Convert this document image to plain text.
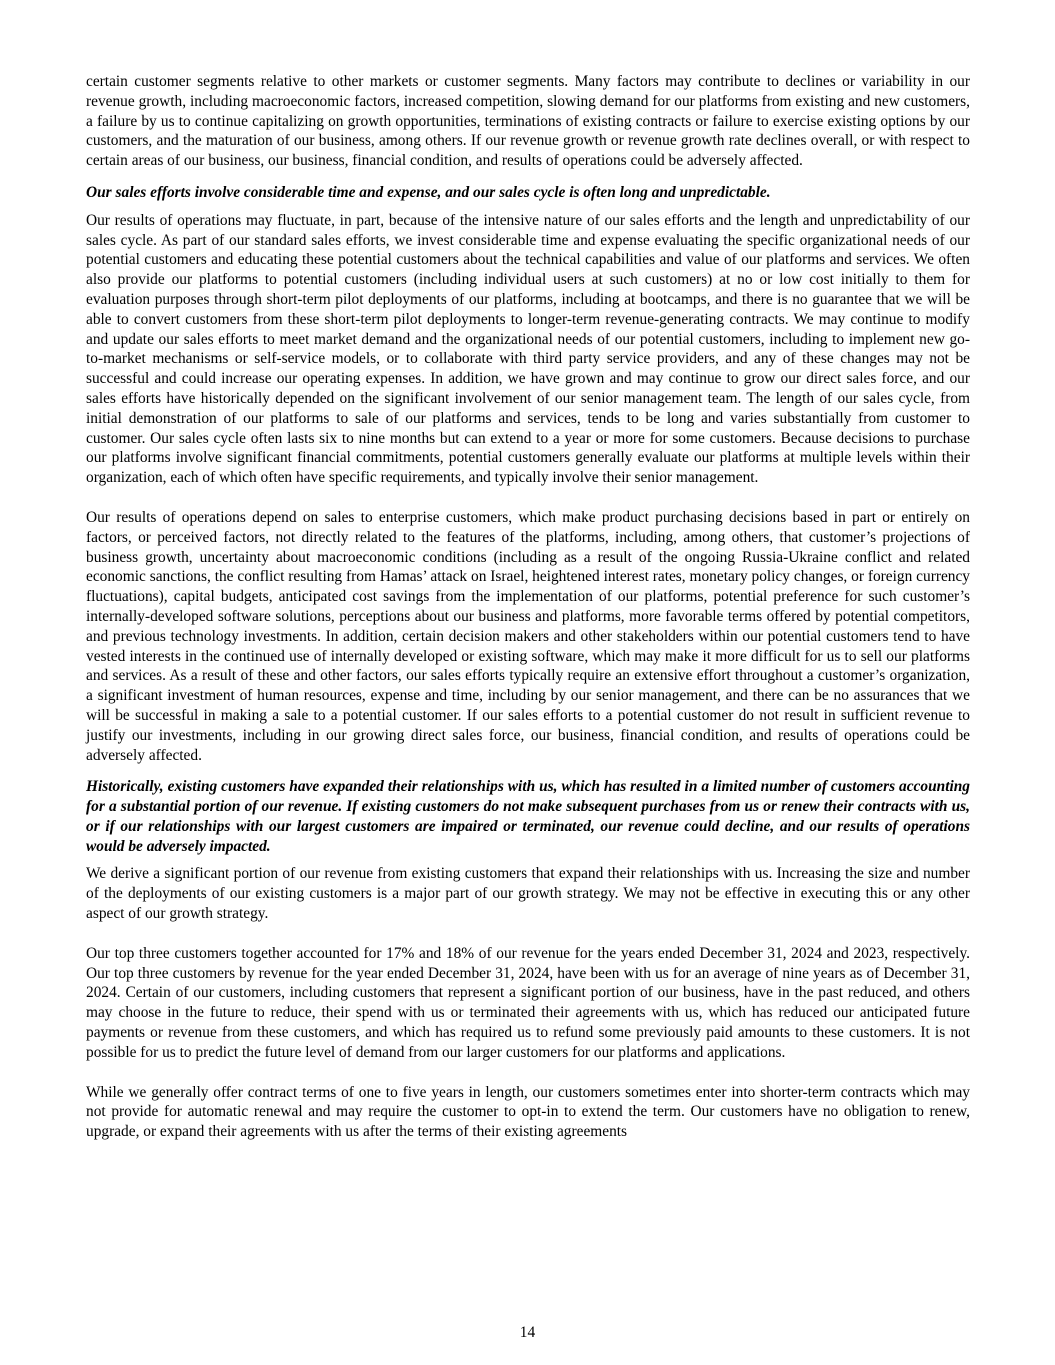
certain customer segments relative to other markets or customer segments. Many factors may contribute to declines or variability in our revenue growth, including macroeconomic factors, increased competition, slowing demand for our platforms from existing and new customers, a failure by us to continue capitalizing on growth opportunities, terminations of existing contracts or failure to exercise existing options by our customers, and the maturation of our business, among others. If our revenue growth or revenue growth rate declines overall, or with respect to certain areas of our business, our business, financial condition, and results of operations could be adversely affected.

Our sales efforts involve considerable time and expense, and our sales cycle is often long and unpredictable.

Our results of operations may fluctuate, in part, because of the intensive nature of our sales efforts and the length and unpredictability of our sales cycle. As part of our standard sales efforts, we invest considerable time and expense evaluating the specific organizational needs of our potential customers and educating these potential customers about the technical capabilities and value of our platforms and services. We often also provide our platforms to potential customers (including individual users at such customers) at no or low cost initially to them for evaluation purposes through short-term pilot deployments of our platforms, including at bootcamps, and there is no guarantee that we will be able to convert customers from these short-term pilot deployments to longer-term revenue-generating contracts. We may continue to modify and update our sales efforts to meet market demand and the organizational needs of our potential customers, including to implement new go-to-market mechanisms or self-service models, or to collaborate with third party service providers, and any of these changes may not be successful and could increase our operating expenses. In addition, we have grown and may continue to grow our direct sales force, and our sales efforts have historically depended on the significant involvement of our senior management team. The length of our sales cycle, from initial demonstration of our platforms to sale of our platforms and services, tends to be long and varies substantially from customer to customer. Our sales cycle often lasts six to nine months but can extend to a year or more for some customers. Because decisions to purchase our platforms involve significant financial commitments, potential customers generally evaluate our platforms at multiple levels within their organization, each of which often have specific requirements, and typically involve their senior management.

Our results of operations depend on sales to enterprise customers, which make product purchasing decisions based in part or entirely on factors, or perceived factors, not directly related to the features of the platforms, including, among others, that customer’s projections of business growth, uncertainty about macroeconomic conditions (including as a result of the ongoing Russia-Ukraine conflict and related economic sanctions, the conflict resulting from Hamas’ attack on Israel, heightened interest rates, monetary policy changes, or foreign currency fluctuations), capital budgets, anticipated cost savings from the implementation of our platforms, potential preference for such customer’s internally-developed software solutions, perceptions about our business and platforms, more favorable terms offered by potential competitors, and previous technology investments. In addition, certain decision makers and other stakeholders within our potential customers tend to have vested interests in the continued use of internally developed or existing software, which may make it more difficult for us to sell our platforms and services. As a result of these and other factors, our sales efforts typically require an extensive effort throughout a customer’s organization, a significant investment of human resources, expense and time, including by our senior management, and there can be no assurances that we will be successful in making a sale to a potential customer. If our sales efforts to a potential customer do not result in sufficient revenue to justify our investments, including in our growing direct sales force, our business, financial condition, and results of operations could be adversely affected.

Historically, existing customers have expanded their relationships with us, which has resulted in a limited number of customers accounting for a substantial portion of our revenue. If existing customers do not make subsequent purchases from us or renew their contracts with us, or if our relationships with our largest customers are impaired or terminated, our revenue could decline, and our results of operations would be adversely impacted.

We derive a significant portion of our revenue from existing customers that expand their relationships with us. Increasing the size and number of the deployments of our existing customers is a major part of our growth strategy. We may not be effective in executing this or any other aspect of our growth strategy.

Our top three customers together accounted for 17% and 18% of our revenue for the years ended December 31, 2024 and 2023, respectively. Our top three customers by revenue for the year ended December 31, 2024, have been with us for an average of nine years as of December 31, 2024. Certain of our customers, including customers that represent a significant portion of our business, have in the past reduced, and others may choose in the future to reduce, their spend with us or terminated their agreements with us, which has reduced our anticipated future payments or revenue from these customers, and which has required us to refund some previously paid amounts to these customers. It is not possible for us to predict the future level of demand from our larger customers for our platforms and applications.

While we generally offer contract terms of one to five years in length, our customers sometimes enter into shorter-term contracts which may not provide for automatic renewal and may require the customer to opt-in to extend the term. Our customers have no obligation to renew, upgrade, or expand their agreements with us after the terms of their existing agreements

14
